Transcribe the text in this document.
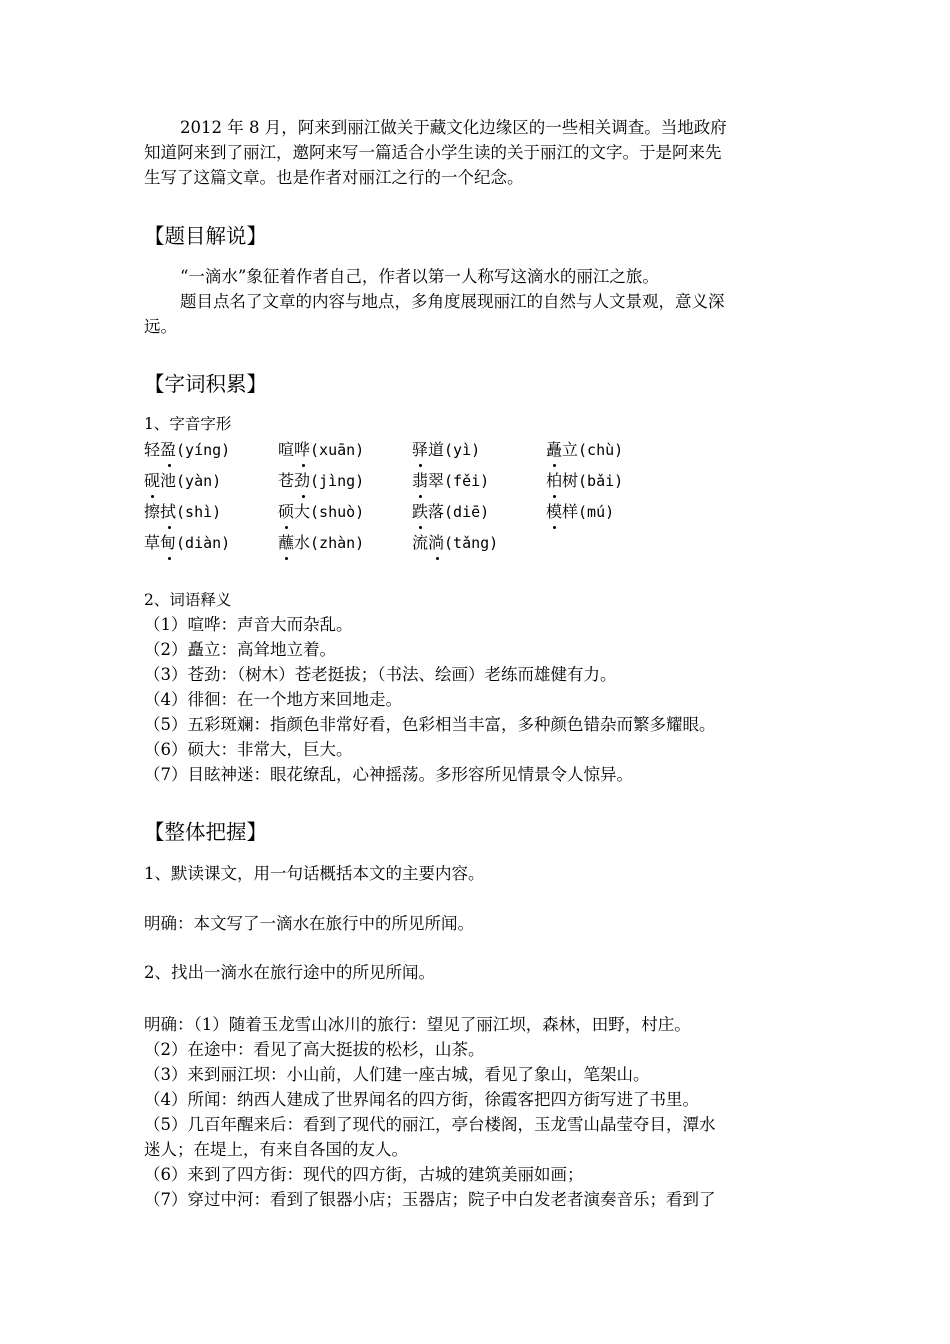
2012 年 8 月，阿来到丽江做关于藏文化边缘区的一些相关调查。当地政府

知道阿来到了丽江，邀阿来写一篇适合小学生读的关于丽江的文字。于是阿来先

生写了这篇文章。也是作者对丽江之行的一个纪念。

【题目解说】

“一滴水”象征着作者自己，作者以第一人称写这滴水的丽江之旅。

题目点名了文章的内容与地点，多角度展现丽江的自然与人文景观，意义深

远。

【字词积累】

1、字音字形

轻盈(yíng)	喧哗(xuān)	驿道(yì)	矗立(chù)
砚池(yàn)	苍劲(jìng)	翡翠(fěi)	柏树(bǎi)
擦拭(shì)	硕大(shuò)	跌落(diē)	模样(mú)
草甸(diàn)	蘸水(zhàn)	流淌(tǎng)

2、词语释义

（1）喧哗：声音大而杂乱。

（2）矗立：高耸地立着。

（3）苍劲：（树木）苍老挺拔；（书法、绘画）老练而雄健有力。

（4）徘徊：在一个地方来回地走。

（5）五彩斑斓：指颜色非常好看，色彩相当丰富，多种颜色错杂而繁多耀眼。

（6）硕大：非常大，巨大。

（7）目眩神迷：眼花缭乱，心神摇荡。多形容所见情景令人惊异。

【整体把握】

1、默读课文，用一句话概括本文的主要内容。

明确：本文写了一滴水在旅行中的所见所闻。

2、找出一滴水在旅行途中的所见所闻。

明确：（1）随着玉龙雪山冰川的旅行：望见了丽江坝，森林，田野，村庄。

（2）在途中：看见了高大挺拔的松杉，山茶。

（3）来到丽江坝：小山前，人们建一座古城，看见了象山，笔架山。

（4）所闻：纳西人建成了世界闻名的四方街，徐霞客把四方街写进了书里。

（5）几百年醒来后：看到了现代的丽江，亭台楼阁，玉龙雪山晶莹夺目，潭水

迷人；在堤上，有来自各国的友人。

（6）来到了四方街：现代的四方街，古城的建筑美丽如画；

（7）穿过中河：看到了银器小店；玉器店；院子中白发老者演奏音乐；看到了
